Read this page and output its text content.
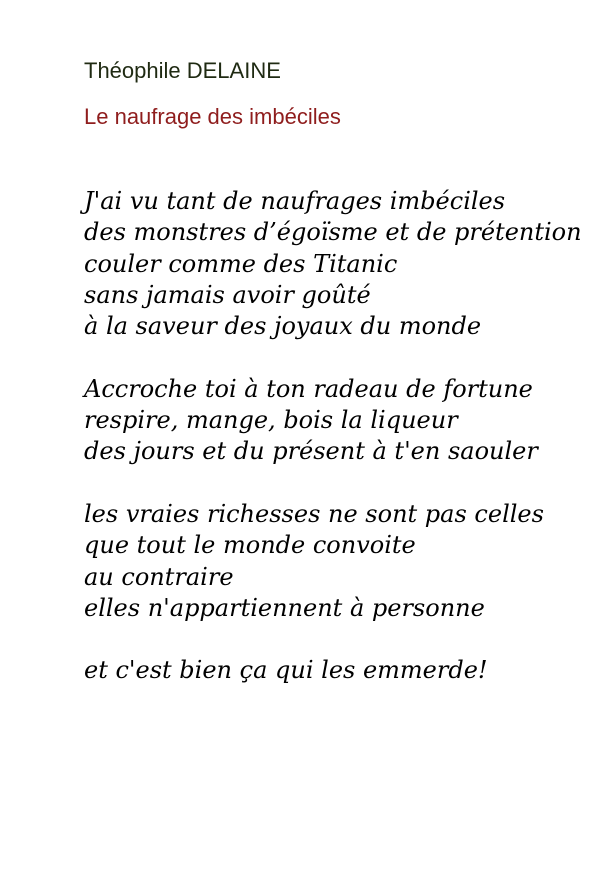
Théophile DELAINE
Le naufrage des imbéciles
J'ai vu tant de naufrages imbéciles
des monstres d’égoïsme et de prétention
couler comme des Titanic
sans jamais avoir goûté
à la saveur des joyaux du monde
Accroche toi à ton radeau de fortune
respire, mange, bois la liqueur
des jours et du présent à t'en saouler
les vraies richesses ne sont pas celles
que tout le monde convoite
au contraire
elles n'appartiennent à personne
et c'est bien ça qui les emmerde!
